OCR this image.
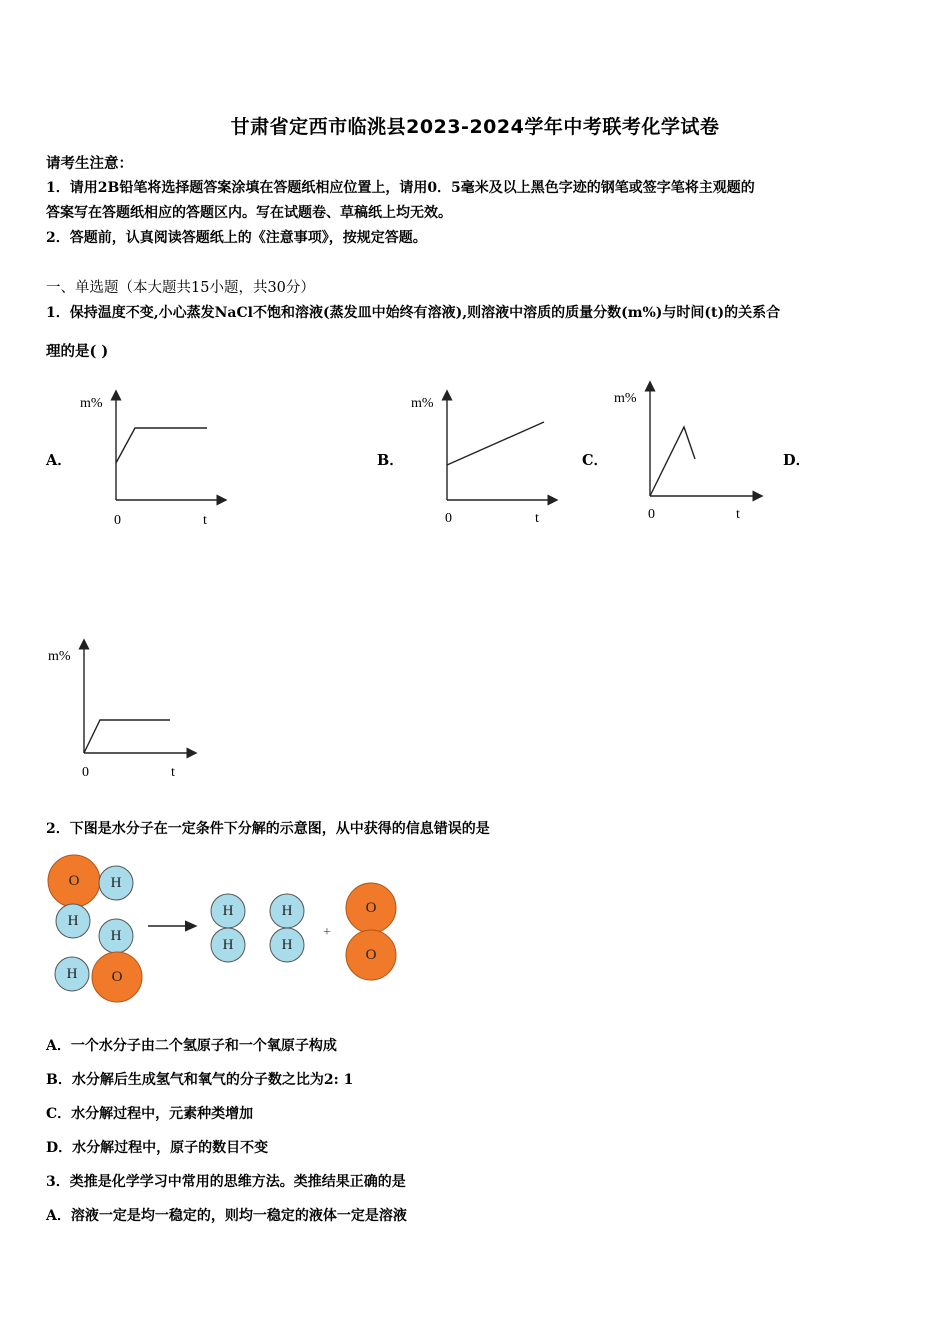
甘肃省定西市临洮县2023-2024学年中考联考化学试卷
请考生注意：
1．请用2B铅笔将选择题答案涂填在答题纸相应位置上，请用0．5毫米及以上黑色字迹的钢笔或签字笔将主观题的
答案写在答题纸相应的答题区内。写在试题卷、草稿纸上均无效。
2．答题前，认真阅读答题纸上的《注意事项》，按规定答题。
一、单选题（本大题共15小题，共30分）
1．保持温度不变,小心蒸发NaCl不饱和溶液(蒸发皿中始终有溶液),则溶液中溶质的质量分数(m%)与时间(t)的关系合
理的是( )
A．	B．	C．	D．
m%
0	t
m%
0	t
m%
0	t
m%
0	t
2．下图是水分子在一定条件下分解的示意图，从中获得的信息错误的是
O H
H
H
H O
H
H
H
H
+
O
O
A．一个水分子由二个氢原子和一个氧原子构成
B．水分解后生成氢气和氧气的分子数之比为2: 1
C．水分解过程中，元素种类增加
D．水分解过程中，原子的数目不变
3．类推是化学学习中常用的思维方法。类推结果正确的是
A．溶液一定是均一稳定的，则均一稳定的液体一定是溶液
